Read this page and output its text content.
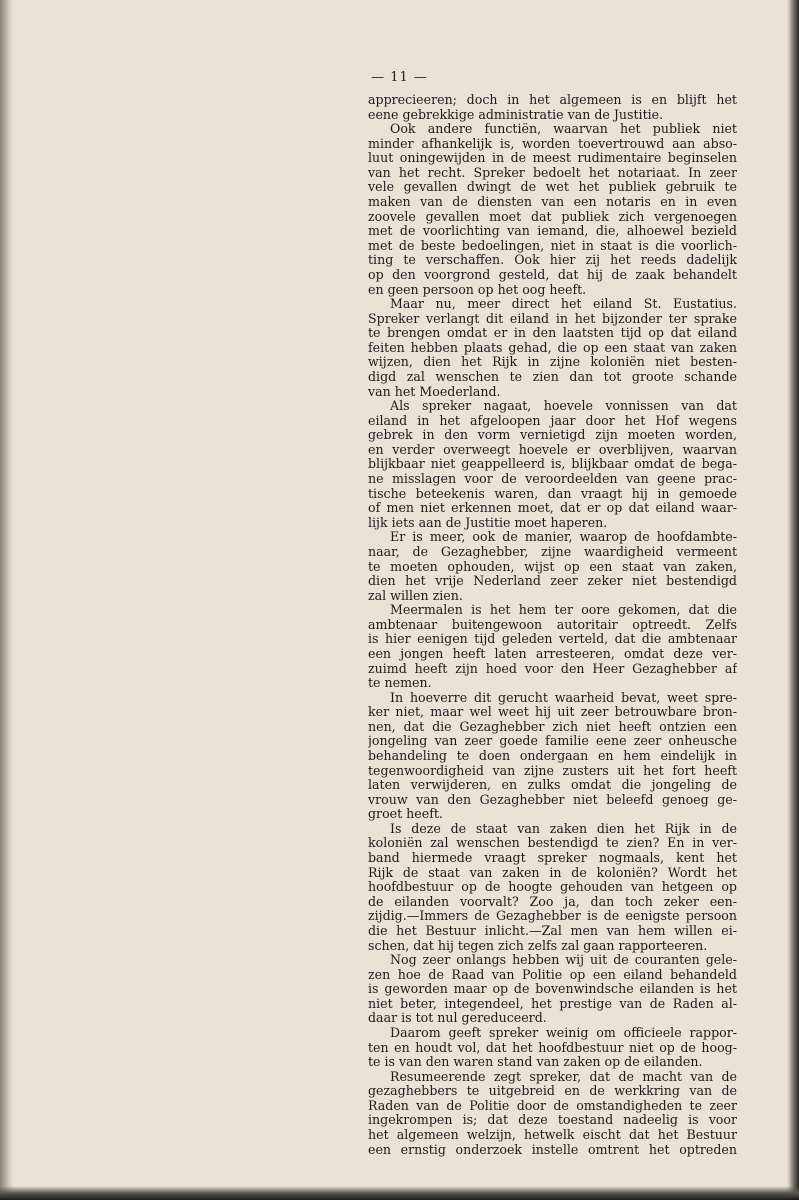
— 11 —
apprecieeren; doch in het algemeen is en blijft het
eene gebrekkige administratie van de Justitie.
Ook andere functiën, waarvan het publiek niet
minder afhankelijk is, worden toevertrouwd aan abso-
luut oningewijden in de meest rudimentaire beginselen
van het recht. Spreker bedoelt het notariaat. In zeer
vele gevallen dwingt de wet het publiek gebruik te
maken van de diensten van een notaris en in even
zoovele gevallen moet dat publiek zich vergenoegen
met de voorlichting van iemand, die, alhoewel bezield
met de beste bedoelingen, niet in staat is die voorlich-
ting te verschaffen. Ook hier zij het reeds dadelijk
op den voorgrond gesteld, dat hij de zaak behandelt
en geen persoon op het oog heeft.
Maar nu, meer direct het eiland St. Eustatius.
Spreker verlangt dit eiland in het bijzonder ter sprake
te brengen omdat er in den laatsten tijd op dat eiland
feiten hebben plaats gehad, die op een staat van zaken
wijzen, dien het Rijk in zijne koloniën niet besten-
digd zal wenschen te zien dan tot groote schande
van het Moederland.
Als spreker nagaat, hoevele vonnissen van dat
eiland in het afgeloopen jaar door het Hof wegens
gebrek in den vorm vernietigd zijn moeten worden,
en verder overweegt hoevele er overblijven, waarvan
blijkbaar niet geappelleerd is, blijkbaar omdat de bega-
ne misslagen voor de veroordeelden van geene prac-
tische beteekenis waren, dan vraagt hij in gemoede
of men niet erkennen moet, dat er op dat eiland waar-
lijk iets aan de Justitie moet haperen.
Er is meer, ook de manier, waarop de hoofdambte-
naar, de Gezaghebber, zijne waardigheid vermeent
te moeten ophouden, wijst op een staat van zaken,
dien het vrije Nederland zeer zeker niet bestendigd
zal willen zien.
Meermalen is het hem ter oore gekomen, dat die
ambtenaar buitengewoon autoritair optreedt. Zelfs
is hier eenigen tijd geleden verteld, dat die ambtenaar
een jongen heeft laten arresteeren, omdat deze ver-
zuimd heeft zijn hoed voor den Heer Gezaghebber af
te nemen.
In hoeverre dit gerucht waarheid bevat, weet spre-
ker niet, maar wel weet hij uit zeer betrouwbare bron-
nen, dat die Gezaghebber zich niet heeft ontzien een
jongeling van zeer goede familie eene zeer onheusche
behandeling te doen ondergaan en hem eindelijk in
tegenwoordigheid van zijne zusters uit het fort heeft
laten verwijderen, en zulks omdat die jongeling de
vrouw van den Gezaghebber niet beleefd genoeg ge-
groet heeft.
Is deze de staat van zaken dien het Rijk in de
koloniën zal wenschen bestendigd te zien? En in ver-
band hiermede vraagt spreker nogmaals, kent het
Rijk de staat van zaken in de koloniën? Wordt het
hoofdbestuur op de hoogte gehouden van hetgeen op
de eilanden voorvalt? Zoo ja, dan toch zeker een-
zijdig.—Immers de Gezaghebber is de eenigste persoon
die het Bestuur inlicht.—Zal men van hem willen ei-
schen, dat hij tegen zich zelfs zal gaan rapporteeren.
Nog zeer onlangs hebben wij uit de couranten gele-
zen hoe de Raad van Politie op een eiland behandeld
is geworden maar op de bovenwindsche eilanden is het
niet beter, integendeel, het prestige van de Raden al-
daar is tot nul gereduceerd.
Daarom geeft spreker weinig om officieele rappor-
ten en houdt vol, dat het hoofdbestuur niet op de hoog-
te is van den waren stand van zaken op de eilanden.
Resumeerende zegt spreker, dat de macht van de
gezaghebbers te uitgebreid en de werkkring van de
Raden van de Politie door de omstandigheden te zeer
ingekrompen is; dat deze toestand nadeelig is voor
het algemeen welzijn, hetwelk eischt dat het Bestuur
een ernstig onderzoek instelle omtrent het optreden
